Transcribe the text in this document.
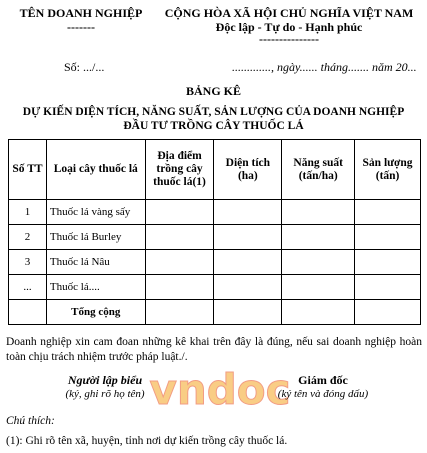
TÊN DOANH NGHIỆP
-------
CỘNG HÒA XÃ HỘI CHỦ NGHĨA VIỆT NAM
Độc lập - Tự do - Hạnh phúc
---------------
Số: .../...	............., ngày...... tháng....... năm 20...
BẢNG KÊ
DỰ KIẾN DIỆN TÍCH, NĂNG SUẤT, SẢN LƯỢNG CỦA DOANH NGHIỆP
ĐẦU TƯ TRỒNG CÂY THUỐC LÁ
Số TT	Loại cây thuốc lá	Địa điểm trồng cây thuốc lá(1)	Diện tích (ha)	Năng suất (tấn/ha)	Sản lượng (tấn)
1	Thuốc lá vàng sấy				
2	Thuốc lá Burley				
3	Thuốc lá Nâu				
...	Thuốc lá....				
	Tổng cộng				
Doanh nghiệp xin cam đoan những kê khai trên đây là đúng, nếu sai doanh nghiệp hoàn toàn chịu trách nhiệm trước pháp luật./.
vndoc
Người lập biểu
(ký, ghi rõ họ tên)
Giám đốc
(ký tên và đóng dấu)
Chú thích:
(1): Ghi rõ tên xã, huyện, tỉnh nơi dự kiến trồng cây thuốc lá.
